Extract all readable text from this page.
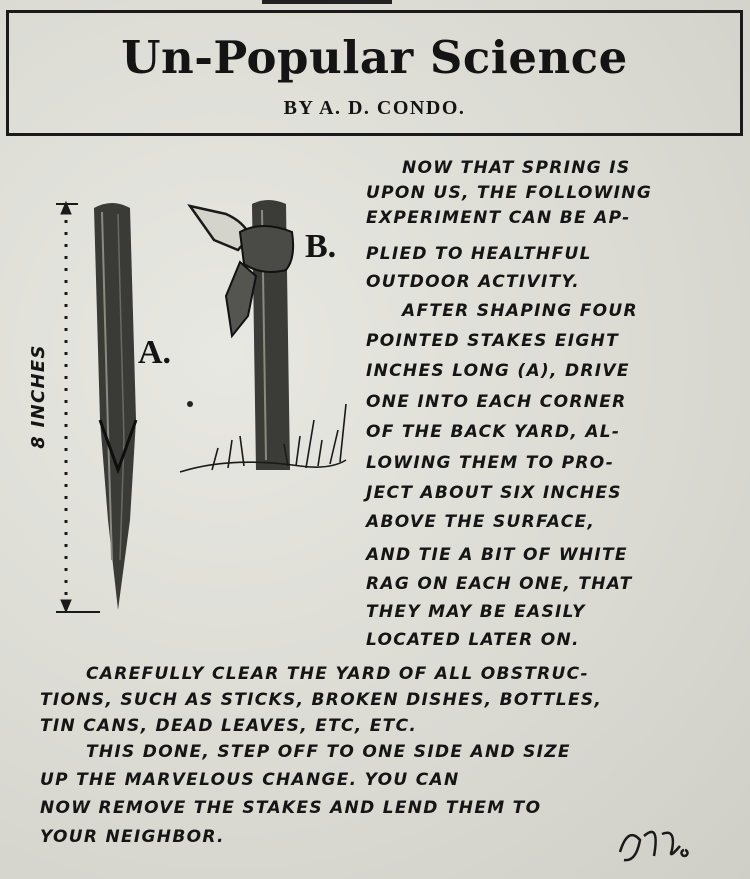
Un-Popular Science
BY A. D. CONDO.
A.
B.
8 INCHES
NOW THAT SPRING IS
UPON US, THE FOLLOWING
EXPERIMENT CAN BE AP-
PLIED TO HEALTHFUL
OUTDOOR ACTIVITY.
AFTER SHAPING FOUR
POINTED STAKES EIGHT
INCHES LONG (A), DRIVE
ONE INTO EACH CORNER
OF THE BACK YARD, AL-
LOWING THEM TO PRO-
JECT ABOUT SIX INCHES
ABOVE THE SURFACE,
AND TIE A BIT OF WHITE
RAG ON EACH ONE, THAT
THEY MAY BE EASILY
LOCATED LATER ON.
CAREFULLY CLEAR THE YARD OF ALL OBSTRUC-
TIONS, SUCH AS STICKS, BROKEN DISHES, BOTTLES,
TIN CANS, DEAD LEAVES, ETC, ETC.
THIS DONE, STEP OFF TO ONE SIDE AND SIZE
UP THE MARVELOUS CHANGE. YOU CAN
NOW REMOVE THE STAKES AND LEND THEM TO
YOUR NEIGHBOR.
